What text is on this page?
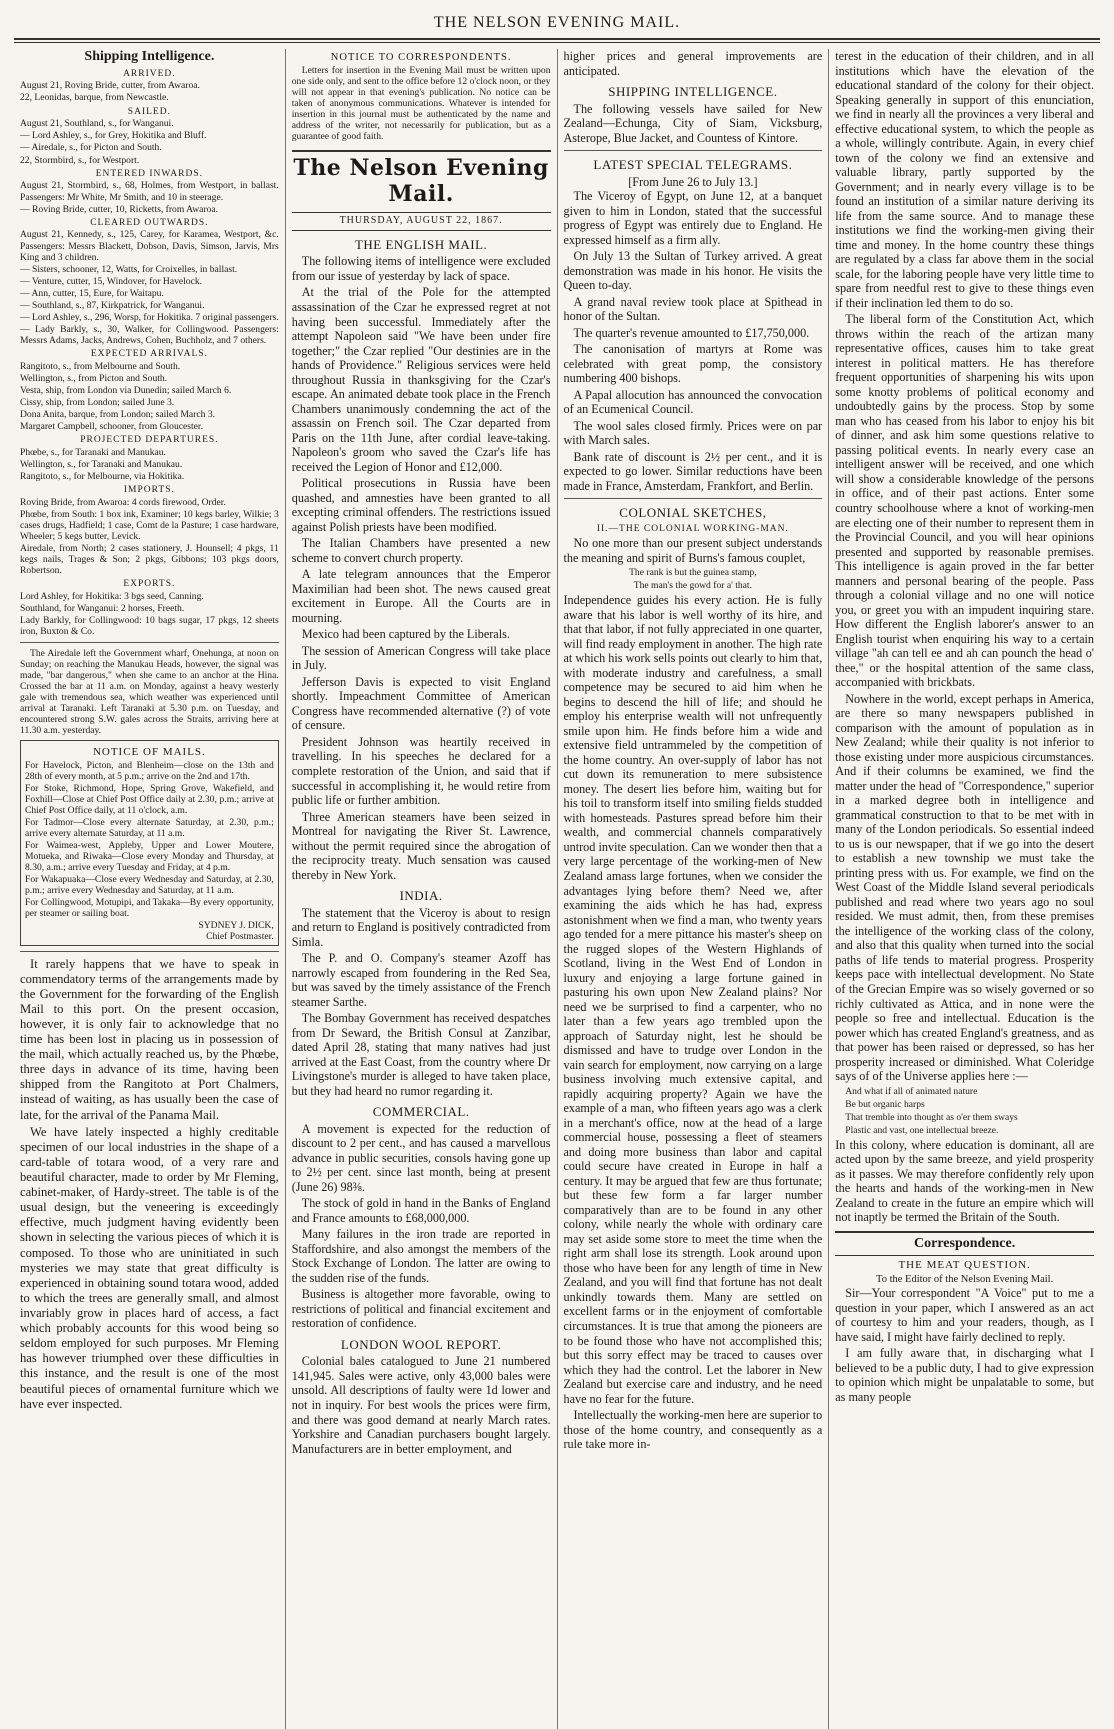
THE NELSON EVENING MAIL.
Shipping Intelligence.
ARRIVED.

August 21, Roving Bride, cutter, from Awaroa.

22, Leonidas, barque, from Newcastle.

SAILED.

August 21, Southland, s., for Wanganui.

— Lord Ashley, s., for Grey, Hokitika and Bluff.

— Airedale, s., for Picton and South.

22, Stormbird, s., for Westport.

ENTERED INWARDS.

August 21, Stormbird, s., 68, Holmes, from Westport, in ballast. Passengers: Mr White, Mr Smith, and 10 in steerage.

— Roving Bride, cutter, 10, Ricketts, from Awaroa.

CLEARED OUTWARDS.

August 21, Kennedy, s., 125, Carey, for Karamea, Westport, &c. Passengers: Messrs Blackett, Dobson, Davis, Simson, Jarvis, Mrs King and 3 children.

— Sisters, schooner, 12, Watts, for Croixelles, in ballast.

— Venture, cutter, 15, Windover, for Havelock.

— Ann, cutter, 15, Eure, for Waitapu.

— Southland, s., 87, Kirkpatrick, for Wanganui.

— Lord Ashley, s., 296, Worsp, for Hokitika. 7 original passengers.

— Lady Barkly, s., 30, Walker, for Collingwood. Passengers: Messrs Adams, Jacks, Andrews, Cohen, Buchholz, and 7 others.

EXPECTED ARRIVALS.

Rangitoto, s., from Melbourne and South.

Wellington, s., from Picton and South.

Vesta, ship, from London via Dunedin; sailed March 6.

Cissy, ship, from London; sailed June 3.

Dona Anita, barque, from London; sailed March 3.

Margaret Campbell, schooner, from Gloucester.

PROJECTED DEPARTURES.

Phœbe, s., for Taranaki and Manukau.

Wellington, s., for Taranaki and Manukau.

Rangitoto, s., for Melbourne, via Hokitika.

IMPORTS.

Roving Bride, from Awaroa: 4 cords firewood, Order.

Phœbe, from South: 1 box ink, Examiner; 10 kegs barley, Wilkie; 3 cases drugs, Hadfield; 1 case, Comt de la Pasture; 1 case hardware, Wheeler; 5 kegs butter, Levick.

Airedale, from North; 2 cases stationery, J. Hounsell; 4 pkgs, 11 kegs nails, Trages & Son; 2 pkgs, Gibbons; 103 pkgs doors, Robertson.

EXPORTS.

Lord Ashley, for Hokitika: 3 bgs seed, Canning.

Southland, for Wanganui: 2 horses, Freeth.

Lady Barkly, for Collingwood: 10 bags sugar, 17 pkgs, 12 sheets iron, Buxton & Co.

The Airedale left the Government wharf, Onehunga, at noon on Sunday; on reaching the Manukau Heads, however, the signal was made, "bar dangerous," when she came to an anchor at the Hina. Crossed the bar at 11 a.m. on Monday, against a heavy westerly gale with tremendous sea, which weather was experienced until arrival at Taranaki. Left Taranaki at 5.30 p.m. on Tuesday, and encountered strong S.W. gales across the Straits, arriving here at 11.30 a.m. yesterday.

NOTICE OF MAILS.

For Havelock, Picton, and Blenheim—close on the 13th and 28th of every month, at 5 p.m.; arrive on the 2nd and 17th.

For Stoke, Richmond, Hope, Spring Grove, Wakefield, and Foxhill—Close at Chief Post Office daily at 2.30, p.m.; arrive at Chief Post Office daily, at 11 o'clock, a.m.

For Tadmor—Close every alternate Saturday, at 2.30, p.m.; arrive every alternate Saturday, at 11 a.m.

For Waimea-west, Appleby, Upper and Lower Moutere, Motueka, and Riwaka—Close every Monday and Thursday, at 8.30, a.m.; arrive every Tuesday and Friday, at 4 p.m.

For Wakapuaka—Close every Wednesday and Saturday, at 2.30, p.m.; arrive every Wednesday and Saturday, at 11 a.m.

For Collingwood, Motupipi, and Takaka—By every opportunity, per steamer or sailing boat.

SYDNEY J. DICK,
Chief Postmaster.

It rarely happens that we have to speak in commendatory terms of the arrangements made by the Government for the forwarding of the English Mail to this port. On the present occasion, however, it is only fair to acknowledge that no time has been lost in placing us in possession of the mail, which actually reached us, by the Phœbe, three days in advance of its time, having been shipped from the Rangitoto at Port Chalmers, instead of waiting, as has usually been the case of late, for the arrival of the Panama Mail.

We have lately inspected a highly creditable specimen of our local industries in the shape of a card-table of totara wood, of a very rare and beautiful character, made to order by Mr Fleming, cabinet-maker, of Hardy-street. The table is of the usual design, but the veneering is exceedingly effective, much judgment having evidently been shown in selecting the various pieces of which it is composed. To those who are uninitiated in such mysteries we may state that great difficulty is experienced in obtaining sound totara wood, added to which the trees are generally small, and almost invariably grow in places hard of access, a fact which probably accounts for this wood being so seldom employed for such purposes. Mr Fleming has however triumphed over these difficulties in this instance, and the result is one of the most beautiful pieces of ornamental furniture which we have ever inspected.

NOTICE TO CORRESPONDENTS.

Letters for insertion in the Evening Mail must be written upon one side only, and sent to the office before 12 o'clock noon, or they will not appear in that evening's publication. No notice can be taken of anonymous communications. Whatever is intended for insertion in this journal must be authenticated by the name and address of the writer, not necessarily for publication, but as a guarantee of good faith.

The Nelson Evening Mail.
THURSDAY, AUGUST 22, 1867.
THE ENGLISH MAIL.

The following items of intelligence were excluded from our issue of yesterday by lack of space.

At the trial of the Pole for the attempted assassination of the Czar he expressed regret at not having been successful. Immediately after the attempt Napoleon said "We have been under fire together;" the Czar replied "Our destinies are in the hands of Providence." Religious services were held throughout Russia in thanksgiving for the Czar's escape. An animated debate took place in the French Chambers unanimously condemning the act of the assassin on French soil. The Czar departed from Paris on the 11th June, after cordial leave-taking. Napoleon's groom who saved the Czar's life has received the Legion of Honor and £12,000.

Political prosecutions in Russia have been quashed, and amnesties have been granted to all excepting criminal offenders. The restrictions issued against Polish priests have been modified.

The Italian Chambers have presented a new scheme to convert church property.

A late telegram announces that the Emperor Maximilian had been shot. The news caused great excitement in Europe. All the Courts are in mourning.

Mexico had been captured by the Liberals.

The session of American Congress will take place in July.

Jefferson Davis is expected to visit England shortly. Impeachment Committee of American Congress have recommended alternative (?) of vote of censure.

President Johnson was heartily received in travelling. In his speeches he declared for a complete restoration of the Union, and said that if successful in accomplishing it, he would retire from public life or further ambition.

Three American steamers have been seized in Montreal for navigating the River St. Lawrence, without the permit required since the abrogation of the reciprocity treaty. Much sensation was caused thereby in New York.

INDIA.

The statement that the Viceroy is about to resign and return to England is positively contradicted from Simla.

The P. and O. Company's steamer Azoff has narrowly escaped from foundering in the Red Sea, but was saved by the timely assistance of the French steamer Sarthe.

The Bombay Government has received despatches from Dr Seward, the British Consul at Zanzibar, dated April 28, stating that many natives had just arrived at the East Coast, from the country where Dr Livingstone's murder is alleged to have taken place, but they had heard no rumor regarding it.

COMMERCIAL.

A movement is expected for the reduction of discount to 2 per cent., and has caused a marvellous advance in public securities, consols having gone up to 2½ per cent. since last month, being at present (June 26) 98⅜.

The stock of gold in hand in the Banks of England and France amounts to £68,000,000.

Many failures in the iron trade are reported in Staffordshire, and also amongst the members of the Stock Exchange of London. The latter are owing to the sudden rise of the funds.

Business is altogether more favorable, owing to restrictions of political and financial excitement and restoration of confidence.

LONDON WOOL REPORT.

Colonial bales catalogued to June 21 numbered 141,945. Sales were active, only 43,000 bales were unsold. All descriptions of faulty were 1d lower and not in inquiry. For best wools the prices were firm, and there was good demand at nearly March rates. Yorkshire and Canadian purchasers bought largely. Manufacturers are in better employment, and

higher prices and general improvements are anticipated.

SHIPPING INTELLIGENCE.

The following vessels have sailed for New Zealand—Echunga, City of Siam, Vicksburg, Asterope, Blue Jacket, and Countess of Kintore.

LATEST SPECIAL TELEGRAMS.
[From June 26 to July 13.]

The Viceroy of Egypt, on June 12, at a banquet given to him in London, stated that the successful progress of Egypt was entirely due to England. He expressed himself as a firm ally.

On July 13 the Sultan of Turkey arrived. A great demonstration was made in his honor. He visits the Queen to-day.

A grand naval review took place at Spithead in honor of the Sultan.

The quarter's revenue amounted to £17,750,000.

The canonisation of martyrs at Rome was celebrated with great pomp, the consistory numbering 400 bishops.

A Papal allocution has announced the convocation of an Ecumenical Council.

The wool sales closed firmly. Prices were on par with March sales.

Bank rate of discount is 2½ per cent., and it is expected to go lower. Similar reductions have been made in France, Amsterdam, Frankfort, and Berlin.

COLONIAL SKETCHES,
II.—THE COLONIAL WORKING-MAN.

No one more than our present subject understands the meaning and spirit of Burns's famous couplet,

The rank is but the guinea stamp,
The man's the gowd for a' that.

Independence guides his every action. He is fully aware that his labor is well worthy of its hire, and that that labor, if not fully appreciated in one quarter, will find ready employment in another. The high rate at which his work sells points out clearly to him that, with moderate industry and carefulness, a small competence may be secured to aid him when he begins to descend the hill of life; and should he employ his enterprise wealth will not unfrequently smile upon him. He finds before him a wide and extensive field untrammeled by the competition of the home country. An over-supply of labor has not cut down its remuneration to mere subsistence money. The desert lies before him, waiting but for his toil to transform itself into smiling fields studded with homesteads. Pastures spread before him their wealth, and commercial channels comparatively untrod invite speculation. Can we wonder then that a very large percentage of the working-men of New Zealand amass large fortunes, when we consider the advantages lying before them? Need we, after examining the aids which he has had, express astonishment when we find a man, who twenty years ago tended for a mere pittance his master's sheep on the rugged slopes of the Western Highlands of Scotland, living in the West End of London in luxury and enjoying a large fortune gained in pasturing his own upon New Zealand plains? Nor need we be surprised to find a carpenter, who no later than a few years ago trembled upon the approach of Saturday night, lest he should be dismissed and have to trudge over London in the vain search for employment, now carrying on a large business involving much extensive capital, and rapidly acquiring property? Again we have the example of a man, who fifteen years ago was a clerk in a merchant's office, now at the head of a large commercial house, possessing a fleet of steamers and doing more business than labor and capital could secure have created in Europe in half a century. It may be argued that few are thus fortunate; but these few form a far larger number comparatively than are to be found in any other colony, while nearly the whole with ordinary care may set aside some store to meet the time when the right arm shall lose its strength. Look around upon those who have been for any length of time in New Zealand, and you will find that fortune has not dealt unkindly towards them. Many are settled on excellent farms or in the enjoyment of comfortable circumstances. It is true that among the pioneers are to be found those who have not accomplished this; but this sorry effect may be traced to causes over which they had the control. Let the laborer in New Zealand but exercise care and industry, and he need have no fear for the future.

Intellectually the working-men here are superior to those of the home country, and consequently as a rule take more in-

terest in the education of their children, and in all institutions which have the elevation of the educational standard of the colony for their object. Speaking generally in support of this enunciation, we find in nearly all the provinces a very liberal and effective educational system, to which the people as a whole, willingly contribute. Again, in every chief town of the colony we find an extensive and valuable library, partly supported by the Government; and in nearly every village is to be found an institution of a similar nature deriving its life from the same source. And to manage these institutions we find the working-men giving their time and money. In the home country these things are regulated by a class far above them in the social scale, for the laboring people have very little time to spare from needful rest to give to these things even if their inclination led them to do so.

The liberal form of the Constitution Act, which throws within the reach of the artizan many representative offices, causes him to take great interest in political matters. He has therefore frequent opportunities of sharpening his wits upon some knotty problems of political economy and undoubtedly gains by the process. Stop by some man who has ceased from his labor to enjoy his bit of dinner, and ask him some questions relative to passing political events. In nearly every case an intelligent answer will be received, and one which will show a considerable knowledge of the persons in office, and of their past actions. Enter some country schoolhouse where a knot of working-men are electing one of their number to represent them in the Provincial Council, and you will hear opinions presented and supported by reasonable premises. This intelligence is again proved in the far better manners and personal bearing of the people. Pass through a colonial village and no one will notice you, or greet you with an impudent inquiring stare. How different the English laborer's answer to an English tourist when enquiring his way to a certain village "ah can tell ee and ah can pounch the head o' thee," or the hospital attention of the same class, accompanied with brickbats.

Nowhere in the world, except perhaps in America, are there so many newspapers published in comparison with the amount of population as in New Zealand; while their quality is not inferior to those existing under more auspicious circumstances. And if their columns be examined, we find the matter under the head of "Correspondence," superior in a marked degree both in intelligence and grammatical construction to that to be met with in many of the London periodicals. So essential indeed to us is our newspaper, that if we go into the desert to establish a new township we must take the printing press with us. For example, we find on the West Coast of the Middle Island several periodicals published and read where two years ago no soul resided. We must admit, then, from these premises the intelligence of the working class of the colony, and also that this quality when turned into the social paths of life tends to material progress. Prosperity keeps pace with intellectual development. No State of the Grecian Empire was so wisely governed or so richly cultivated as Attica, and in none were the people so free and intellectual. Education is the power which has created England's greatness, and as that power has been raised or depressed, so has her prosperity increased or diminished. What Coleridge says of of the Universe applies here :—

And what if all of animated nature
Be but organic harps
That tremble into thought as o'er them sways
Plastic and vast, one intellectual breeze.

In this colony, where education is dominant, all are acted upon by the same breeze, and yield prosperity as it passes. We may therefore confidently rely upon the hearts and hands of the working-men in New Zealand to create in the future an empire which will not inaptly be termed the Britain of the South.

Correspondence.
THE MEAT QUESTION.
To the Editor of the Nelson Evening Mail.

Sir—Your correspondent "A Voice" put to me a question in your paper, which I answered as an act of courtesy to him and your readers, though, as I have said, I might have fairly declined to reply.

I am fully aware that, in discharging what I believed to be a public duty, I had to give expression to opinion which might be unpalatable to some, but as many people
